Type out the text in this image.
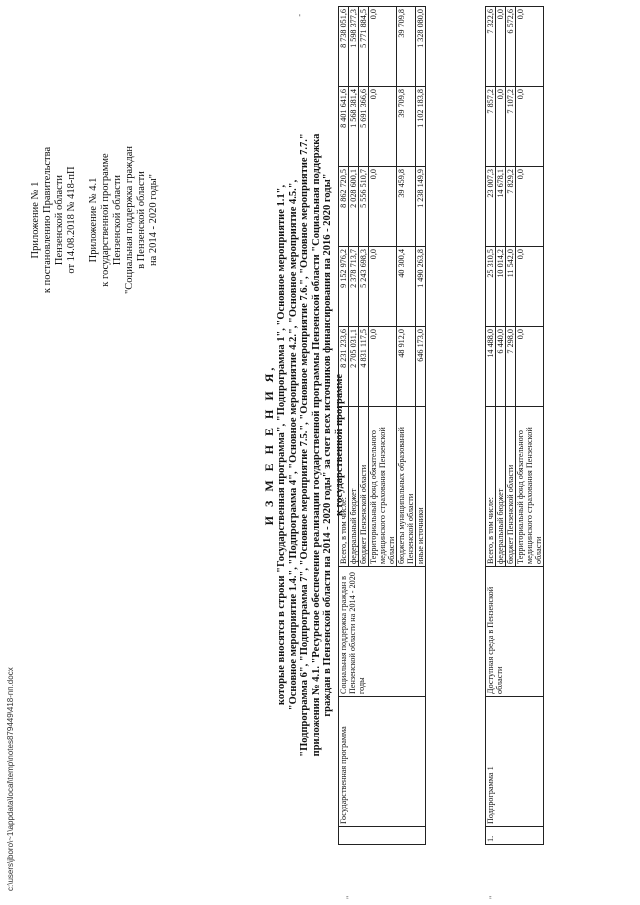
c:\users\jboro\~1\appdata\local\temp\notes879449\418-пп.docx
Приложение № 1 к постановлению Правительства Пензенской области от 14.08.2018 № 418-пП Приложение № 4.1 к государственной программе Пензенской области "Социальная поддержка граждан в Пензенской области на 2014 - 2020 годы"
И З М Е Н Е Н И Я, которые вносятся в строки "Государственная программа", "Подпрограмма 1", "Основное мероприятие 1.1", "Основное мероприятие 1.4.", "Подпрограмма 4", "Основное мероприятие 4.2.", "Основное мероприятие 4.5.", "Подпрограмма 6", "Подпрограмма 7", "Основное мероприятие 7.5.", "Основное мероприятие 7.6.", "Основное мероприятие 7.7." приложения № 4.1. "Ресурсное обеспечение реализации государственной программы Пензенской области "Социальная поддержка граждан в Пензенской области на 2014 - 2020 годы" за счет всех источников финансирования на 2016 - 2020 годы" к государственной программе
"	"
-
	Государственная программа	Социальная поддержка граждан в Пензенской области на 2014 - 2020 годы	Всего, в том числе:	8 231 233,6	9 152 976,2	8 862 720,5	8 401 641,6	8 738 051,6
			федеральный бюджет	2 705 031,1	2 378 713,7	2 028 600,1	1 568 381,4	1 598 377,3
			бюджет Пензенской области	4 831 117,5	5 243 698,3	5 556 510,7	5 691 366,6	5 771 884,5
			Территориальный фонд обязательного медицинского страхования Пензенской области	0,0	0,0	0,0	0,0	0,0
			бюджеты муниципальных образований Пензенской области	48 912,0	40 300,4	39 459,8	39 709,8	39 709,8
			иные источники	646 173,0	1 490 263,8	1 238 149,9	1 102 183,8	1 328 080,0
1.	Подпрограмма 1	Доступная среда в Пензенской области	Всего, в том числе:	14 488,0	25 310,5	23 007,3	7 857,2	7 322,6
			федеральный бюджет	6 440,0	10 014,2	14 678,1	0,0	0,0
			бюджет Пензенской области	7 298,0	11 542,0	7 829,2	7 107,2	6 572,6
			Территориальный фонд обязательного медицинского страхования Пензенской области	0,0	0,0	0,0	0,0	0,0
